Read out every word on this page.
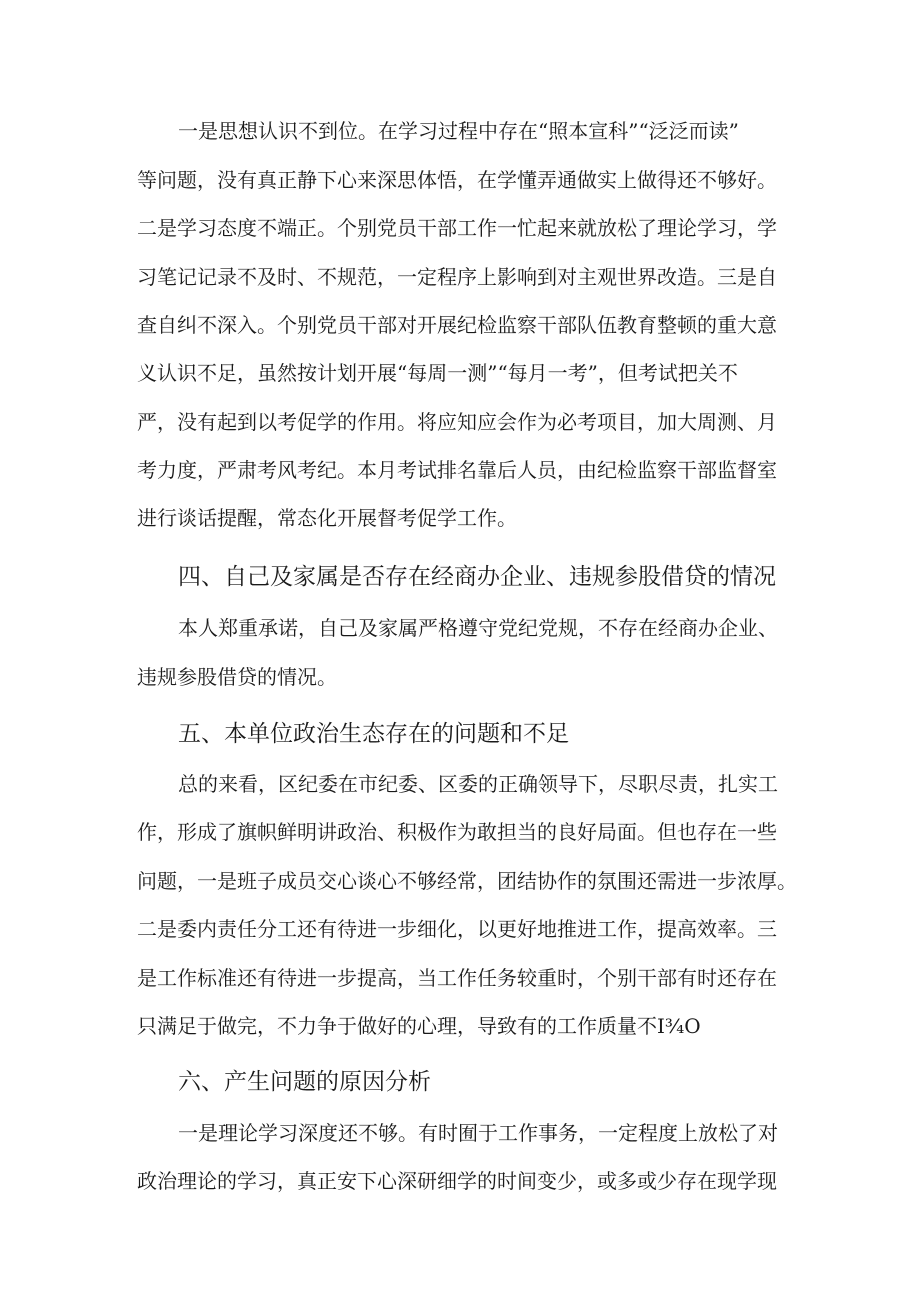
一是思想认识不到位。在学习过程中存在“照本宣科”“泛泛而读”

等问题，没有真正静下心来深思体悟，在学懂弄通做实上做得还不够好。

二是学习态度不端正。个别党员干部工作一忙起来就放松了理论学习，学

习笔记记录不及时、不规范，一定程序上影响到对主观世界改造。三是自

查自纠不深入。个别党员干部对开展纪检监察干部队伍教育整顿的重大意

义认识不足，虽然按计划开展“每周一测”“每月一考”，但考试把关不

严，没有起到以考促学的作用。将应知应会作为必考项目，加大周测、月

考力度，严肃考风考纪。本月考试排名靠后人员，由纪检监察干部监督室

进行谈话提醒，常态化开展督考促学工作。

四、自己及家属是否存在经商办企业、违规参股借贷的情况

本人郑重承诺，自己及家属严格遵守党纪党规，不存在经商办企业、

违规参股借贷的情况。

五、本单位政治生态存在的问题和不足

总的来看，区纪委在市纪委、区委的正确领导下，尽职尽责，扎实工

作，形成了旗帜鲜明讲政治、积极作为敢担当的良好局面。但也存在一些

问题，一是班子成员交心谈心不够经常，团结协作的氛围还需进一步浓厚。

二是委内责任分工还有待进一步细化，以更好地推进工作，提高效率。三

是工作标准还有待进一步提高，当工作任务较重时，个别干部有时还存在

只满足于做完，不力争于做好的心理，导致有的工作质量不I¾O

六、产生问题的原因分析

一是理论学习深度还不够。有时囿于工作事务，一定程度上放松了对

政治理论的学习，真正安下心深研细学的时间变少，或多或少存在现学现
